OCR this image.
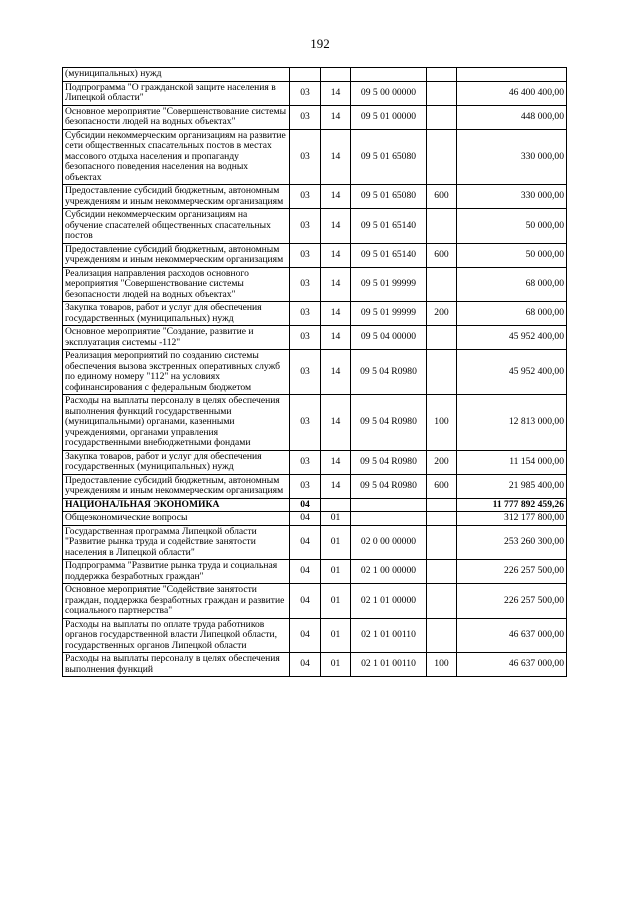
192
(муниципальных) нужд					
Подпрограмма "О гражданской защите населения в Липецкой области"	03	14	09 5 00 00000		46 400 400,00
Основное мероприятие "Совершенствование системы безопасности людей на водных объектах"	03	14	09 5 01 00000		448 000,00
Субсидии некоммерческим организациям на развитие сети общественных спасательных постов в местах массового отдыха населения и пропаганду безопасного поведения населения на водных объектах	03	14	09 5 01 65080		330 000,00
Предоставление субсидий бюджетным, автономным учреждениям и иным некоммерческим организациям	03	14	09 5 01 65080	600	330 000,00
Субсидии некоммерческим организациям на обучение спасателей общественных спасательных постов	03	14	09 5 01 65140		50 000,00
Предоставление субсидий бюджетным, автономным учреждениям и иным некоммерческим организациям	03	14	09 5 01 65140	600	50 000,00
Реализация направления расходов основного мероприятия "Совершенствование системы безопасности людей на водных объектах"	03	14	09 5 01 99999		68 000,00
Закупка товаров, работ и услуг для обеспечения государственных (муниципальных) нужд	03	14	09 5 01 99999	200	68 000,00
Основное мероприятие "Создание, развитие и эксплуатация системы -112"	03	14	09 5 04 00000		45 952 400,00
Реализация мероприятий по созданию системы обеспечения вызова экстренных оперативных служб по единому номеру "112" на условиях софинансирования с федеральным бюджетом	03	14	09 5 04 R0980		45 952 400,00
Расходы на выплаты персоналу в целях обеспечения выполнения функций государственными (муниципальными) органами, казенными учреждениями, органами управления государственными внебюджетными фондами	03	14	09 5 04 R0980	100	12 813 000,00
Закупка товаров, работ и услуг для обеспечения государственных (муниципальных) нужд	03	14	09 5 04 R0980	200	11 154 000,00
Предоставление субсидий бюджетным, автономным учреждениям и иным некоммерческим организациям	03	14	09 5 04 R0980	600	21 985 400,00
НАЦИОНАЛЬНАЯ ЭКОНОМИКА	04				11 777 892 459,26
Общеэкономические вопросы	04	01			312 177 800,00
Государственная программа Липецкой области "Развитие рынка труда и содействие занятости населения в Липецкой области"	04	01	02 0 00 00000		253 260 300,00
Подпрограмма "Развитие рынка труда и социальная поддержка безработных граждан"	04	01	02 1 00 00000		226 257 500,00
Основное мероприятие "Содействие занятости граждан, поддержка безработных граждан и развитие социального партнерства"	04	01	02 1 01 00000		226 257 500,00
Расходы на выплаты по оплате труда работников органов государственной власти Липецкой области, государственных органов Липецкой области	04	01	02 1 01 00110		46 637 000,00
Расходы на выплаты персоналу в целях обеспечения выполнения функций	04	01	02 1 01 00110	100	46 637 000,00
